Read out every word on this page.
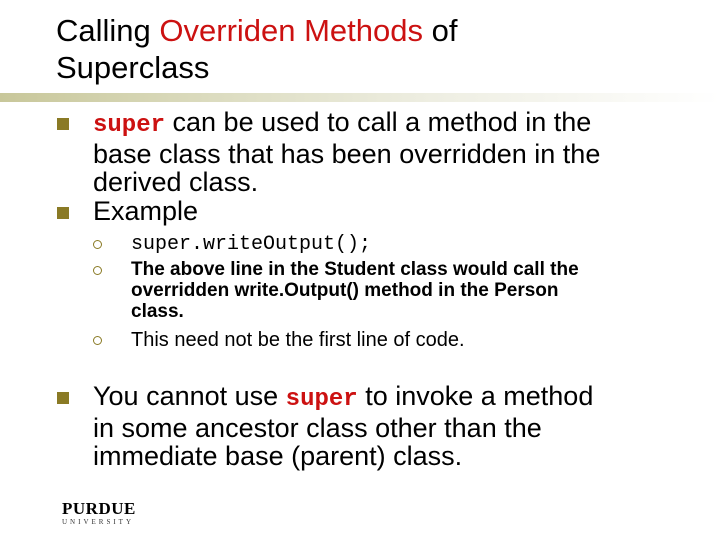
Calling Overriden Methods of
Superclass
super can be used to call a method in the
base class that has been overridden in the
derived class.
Example
super.writeOutput();
The above line in the Student class would call the
overridden write.Output() method in the Person
class.
This need not be the first line of code.
You cannot use super to invoke a method
in some ancestor class other than the
immediate base (parent) class.
PURDUE
UNIVERSITY
